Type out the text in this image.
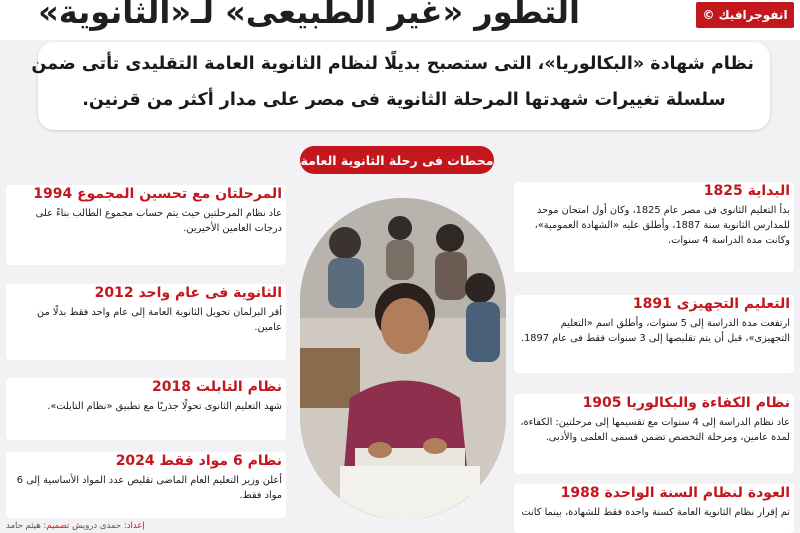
التطور «غير الطبيعى» لـ«الثانوية»	انفوجرافيك ©

نظام شهادة «البكالوريا»، التى ستصبح بديلًا لنظام الثانوية العامة التقليدى تأتى ضمن

سلسلة تغييرات شهدتها المرحلة الثانوية فى مصر على مدار أكثر من قرنين.

محطات فى رحلة الثانوية العامة
البداية 1825
بدأ التعليم الثانوى فى مصر عام 1825، وكان أول امتحان موحد للمدارس الثانوية سنة 1887، وأطلق عليه «الشهادة العمومية»، وكانت مدة الدراسة 4 سنوات.
التعليم التجهيزى 1891
ارتفعت مدة الدراسة إلى 5 سنوات، وأطلق اسم «التعليم التجهيزى»، قبل أن يتم تقليصها إلى 3 سنوات فقط فى عام 1897.
نظام الكفاءة والبكالوريا 1905
عاد نظام الدراسة إلى 4 سنوات مع تقسيمها إلى مرحلتين: الكفاءة، لمدة عامين، ومرحلة التخصص تضمن قسمى العلمى والأدبى.
العودة لنظام السنة الواحدة 1988
تم إقرار نظام الثانوية العامة كسنة واحدة فقط للشهادة، بينما كانت
المرحلتان مع تحسين المجموع 1994
عاد نظام المرحلتين حيث يتم حساب مجموع الطالب بناءً على درجات العامين الأخيرين.
الثانوية فى عام واحد 2012
أقر البرلمان تحويل الثانوية العامة إلى عام واحد فقط بدلًا من عامين.
نظام التابلت 2018
شهد التعليم الثانوى تحولًا جذريًا مع تطبيق «نظام التابلت».
نظام 6 مواد فقط 2024
أعلن وزير التعليم العام الماضى تقليص عدد المواد الأساسية إلى 6 مواد فقط.
إعداد: حمدى درويش تصميم: هيثم حامد
